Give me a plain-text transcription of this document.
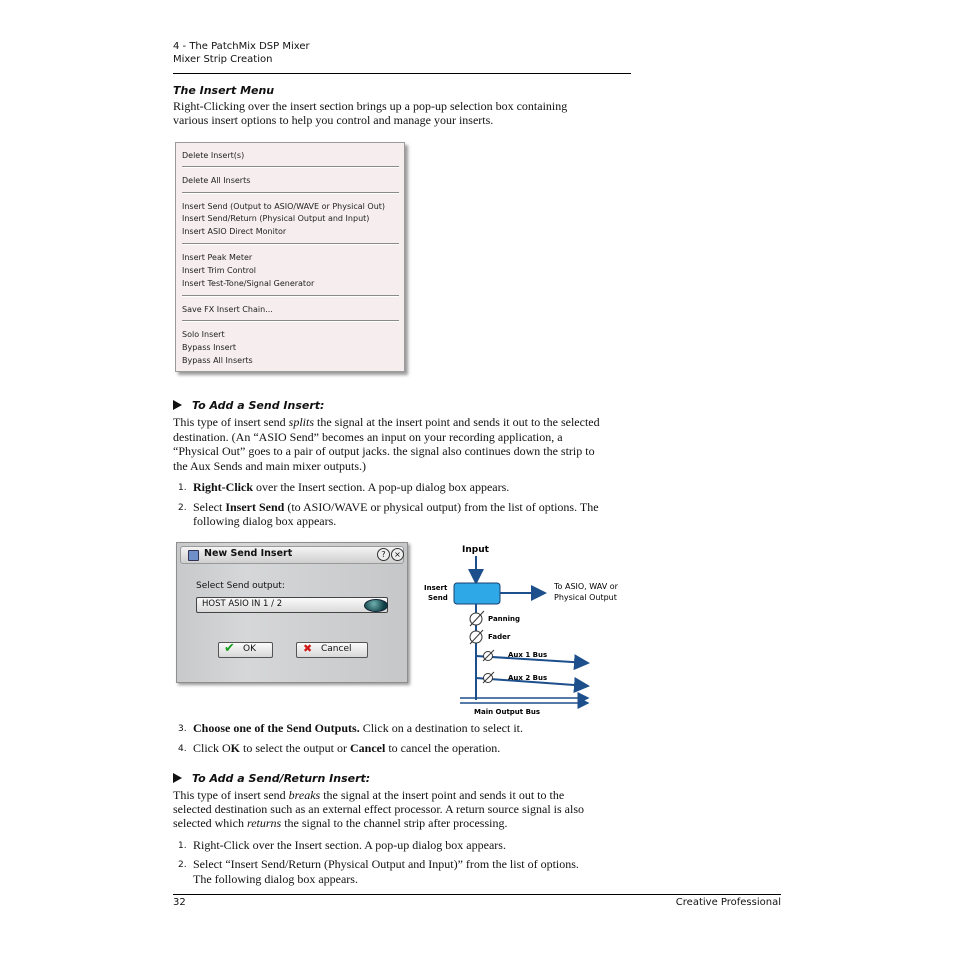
4 - The PatchMix DSP Mixer
Mixer Strip Creation
The Insert Menu
Right-Clicking over the insert section brings up a pop-up selection box containing
various insert options to help you control and manage your inserts.
Delete Insert(s)
Delete All Inserts
Insert Send (Output to ASIO/WAVE or Physical Out)
Insert Send/Return (Physical Output and Input)
Insert ASIO Direct Monitor
Insert Peak Meter
Insert Trim Control
Insert Test-Tone/Signal Generator
Save FX Insert Chain...
Solo Insert
Bypass Insert
Bypass All Inserts
To Add a Send Insert:
This type of insert send splits the signal at the insert point and sends it out to the selected
destination. (An “ASIO Send” becomes an input on your recording application, a
“Physical Out” goes to a pair of output jacks. the signal also continues down the strip to
the Aux Sends and main mixer outputs.)
1. Right-Click over the Insert section. A pop-up dialog box appears.
2. Select Insert Send (to ASIO/WAVE or physical output) from the list of options. The
following dialog box appears.
New Send Insert	?	×
Select Send output:
HOST ASIO IN 1 / 2
✔ OK	✖ Cancel
Input
Insert
Send
To ASIO, WAV or
Physical Output
Panning
Fader
Aux 1 Bus
Aux 2 Bus
Main Output Bus
3. Choose one of the Send Outputs. Click on a destination to select it.
4. Click OK to select the output or Cancel to cancel the operation.
To Add a Send/Return Insert:
This type of insert send breaks the signal at the insert point and sends it out to the
selected destination such as an external effect processor. A return source signal is also
selected which returns the signal to the channel strip after processing.
1. Right-Click over the Insert section. A pop-up dialog box appears.
2. Select “Insert Send/Return (Physical Output and Input)” from the list of options.
The following dialog box appears.
32	Creative Professional
